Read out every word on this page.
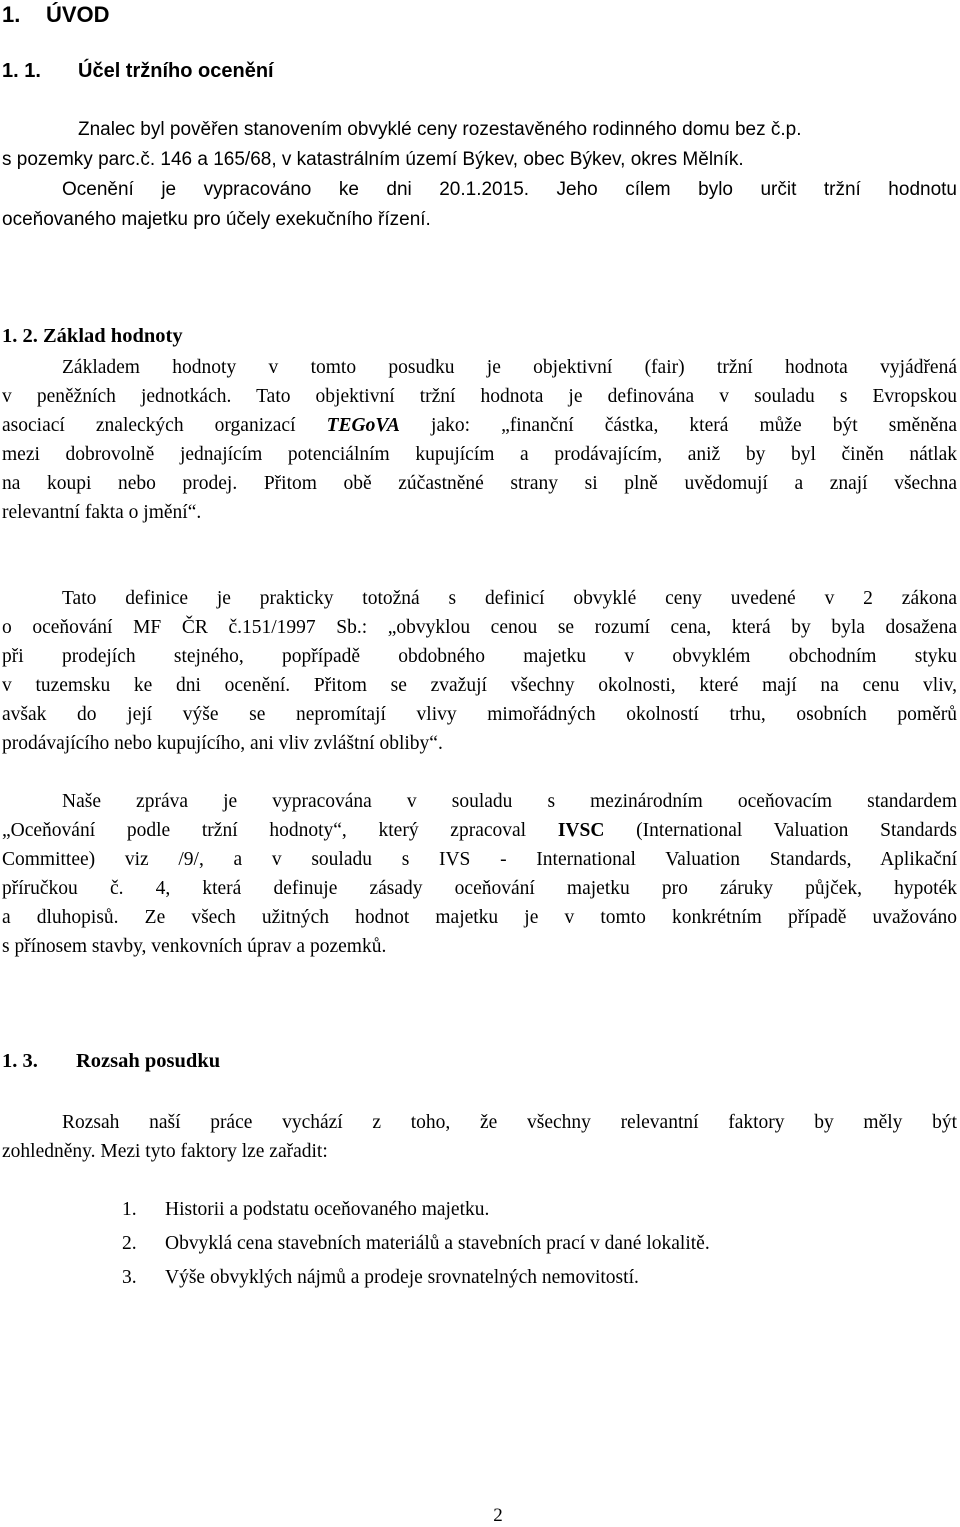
1. ÚVOD
1. 1. Účel tržního ocenění
Znalec byl pověřen stanovením obvyklé ceny rozestavěného rodinného domu bez č.p.
s pozemky parc.č. 146 a 165/68, v katastrálním území Býkev, obec Býkev, okres Mělník.
Ocenění je vypracováno ke dni 20.1.2015. Jeho cílem bylo určit tržní hodnotu
oceňovaného majetku pro účely exekučního řízení.
1. 2. Základ hodnoty
Základem hodnoty v tomto posudku je objektivní (fair) tržní hodnota vyjádřená
v peněžních jednotkách. Tato objektivní tržní hodnota je definována v souladu s Evropskou
asociací znaleckých organizací TEGoVA jako: „finanční částka, která může být směněna
mezi dobrovolně jednajícím potenciálním kupujícím a prodávajícím, aniž by byl činěn nátlak
na koupi nebo prodej. Přitom obě zúčastněné strany si plně uvědomují a znají všechna
relevantní fakta o jmění“.
Tato definice je prakticky totožná s definicí obvyklé ceny uvedené v 2 zákona
o oceňování MF ČR č.151/1997 Sb.: „obvyklou cenou se rozumí cena, která by byla dosažena
při prodejích stejného, popřípadě obdobného majetku v obvyklém obchodním styku
v tuzemsku ke dni ocenění. Přitom se zvažují všechny okolnosti, které mají na cenu vliv,
avšak do její výše se nepromítají vlivy mimořádných okolností trhu, osobních poměrů
prodávajícího nebo kupujícího, ani vliv zvláštní obliby“.
Naše zpráva je vypracována v souladu s mezinárodním oceňovacím standardem
„Oceňování podle tržní hodnoty“, který zpracoval IVSC (International Valuation Standards
Committee) viz /9/, a v souladu s IVS - International Valuation Standards, Aplikační
příručkou č. 4, která definuje zásady oceňování majetku pro záruky půjček, hypoték
a dluhopisů. Ze všech užitných hodnot majetku je v tomto konkrétním případě uvažováno
s přínosem stavby, venkovních úprav a pozemků.
1. 3. Rozsah posudku
Rozsah naší práce vychází z toho, že všechny relevantní faktory by měly být
zohledněny. Mezi tyto faktory lze zařadit:
1. Historii a podstatu oceňovaného majetku.
2. Obvyklá cena stavebních materiálů a stavebních prací v dané lokalitě.
3. Výše obvyklých nájmů a prodeje srovnatelných nemovitostí.
2
